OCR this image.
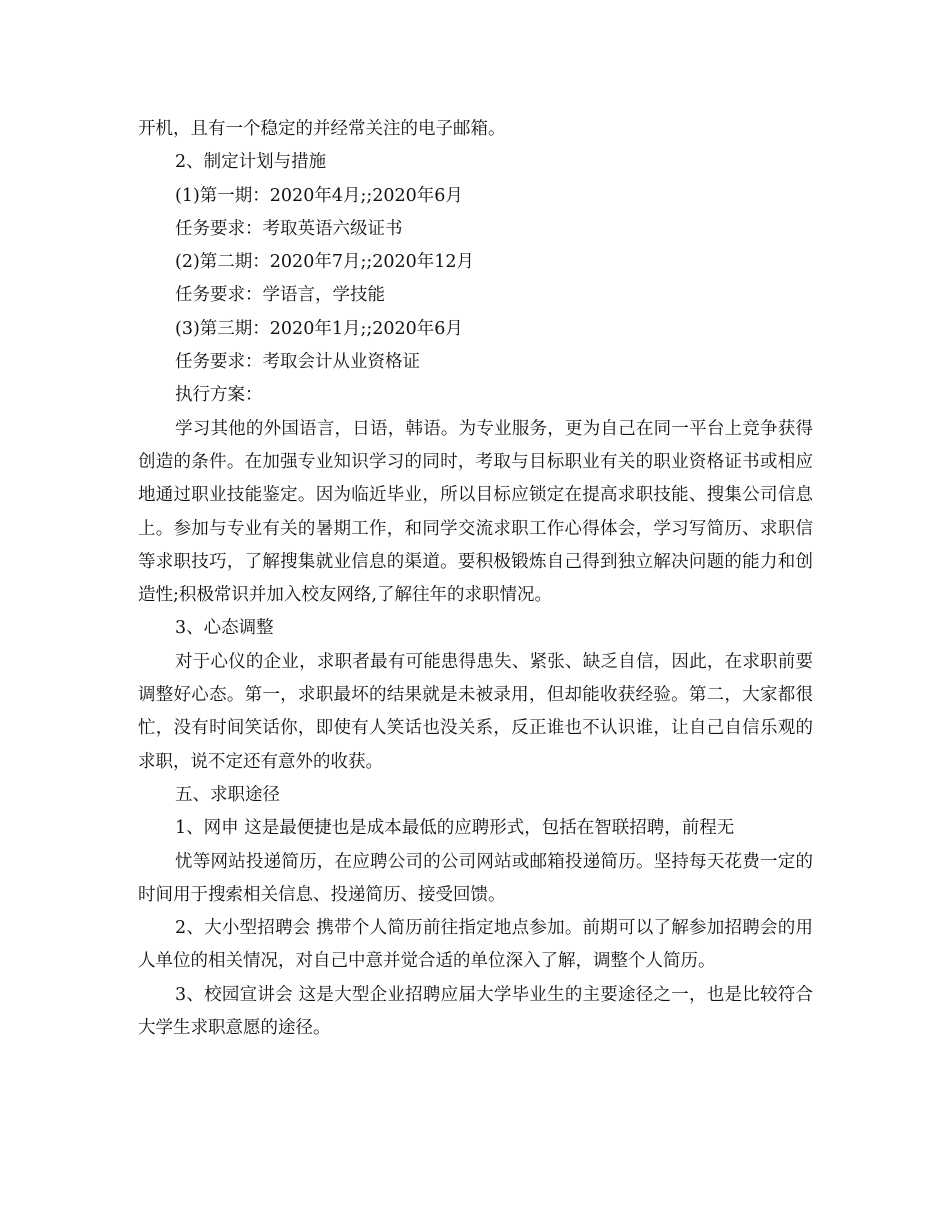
开机，且有一个稳定的并经常关注的电子邮箱。

2、制定计划与措施

(1)第一期：2020年4月;;2020年6月

任务要求：考取英语六级证书

(2)第二期：2020年7月;;2020年12月

任务要求：学语言，学技能

(3)第三期：2020年1月;;2020年6月

任务要求：考取会计从业资格证

执行方案：

学习其他的外国语言，日语，韩语。为专业服务，更为自己在同一平台上竞争获得创造的条件。在加强专业知识学习的同时，考取与目标职业有关的职业资格证书或相应地通过职业技能鉴定。因为临近毕业，所以目标应锁定在提高求职技能、搜集公司信息上。参加与专业有关的暑期工作，和同学交流求职工作心得体会，学习写简历、求职信等求职技巧，了解搜集就业信息的渠道。要积极锻炼自己得到独立解决问题的能力和创造性;积极常识并加入校友网络,了解往年的求职情况。

3、心态调整

对于心仪的企业，求职者最有可能患得患失、紧张、缺乏自信，因此，在求职前要调整好心态。第一，求职最坏的结果就是未被录用，但却能收获经验。第二，大家都很忙，没有时间笑话你，即使有人笑话也没关系，反正谁也不认识谁，让自己自信乐观的求职，说不定还有意外的收获。

五、求职途径

1、网申 这是最便捷也是成本最低的应聘形式，包括在智联招聘，前程无

忧等网站投递简历，在应聘公司的公司网站或邮箱投递简历。坚持每天花费一定的时间用于搜索相关信息、投递简历、接受回馈。

2、大小型招聘会 携带个人简历前往指定地点参加。前期可以了解参加招聘会的用人单位的相关情况，对自己中意并觉合适的单位深入了解，调整个人简历。

3、校园宣讲会 这是大型企业招聘应届大学毕业生的主要途径之一，也是比较符合大学生求职意愿的途径。
